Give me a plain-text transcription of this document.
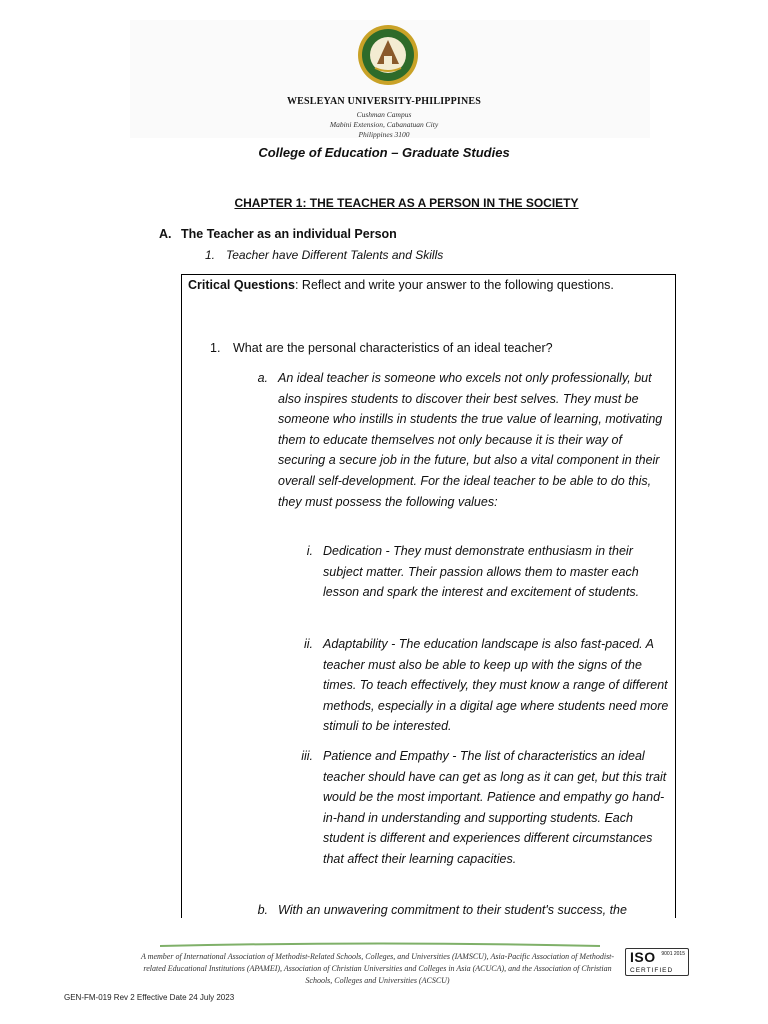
WESLEYAN UNIVERSITY-PHILIPPINES
Cushman Campus
Mabini Extension, Cabanatuan City
Philippines 3100
College of Education – Graduate Studies
CHAPTER 1: THE TEACHER AS A PERSON IN THE SOCIETY
A. The Teacher as an individual Person
1. Teacher have Different Talents and Skills
Critical Questions: Reflect and write your answer to the following questions.
1. What are the personal characteristics of an ideal teacher?
a. An ideal teacher is someone who excels not only professionally, but also inspires students to discover their best selves. They must be someone who instills in students the true value of learning, motivating them to educate themselves not only because it is their way of securing a secure job in the future, but also a vital component in their overall self-development. For the ideal teacher to be able to do this, they must possess the following values:
i. Dedication - They must demonstrate enthusiasm in their subject matter. Their passion allows them to master each lesson and spark the interest and excitement of students.
ii. Adaptability - The education landscape is also fast-paced. A teacher must also be able to keep up with the signs of the times. To teach effectively, they must know a range of different methods, especially in a digital age where students need more stimuli to be interested.
iii. Patience and Empathy - The list of characteristics an ideal teacher should have can get as long as it can get, but this trait would be the most important. Patience and empathy go hand-in-hand in understanding and supporting students. Each student is different and experiences different circumstances that affect their learning capacities.
b. With an unwavering commitment to their student's success, the
A member of International Association of Methodist-Related Schools, Colleges, and Universities (IAMSCU), Asia-Pacific Association of Methodist-related Educational Institutions (APAMEI), Association of Christian Universities and Colleges in Asia (ACUCA), and the Association of Christian Schools, Colleges and Universities (ACSCU)
ISO 9001 2015
CERTIFIED
GEN-FM-019 Rev 2 Effective Date 24 July 2023
